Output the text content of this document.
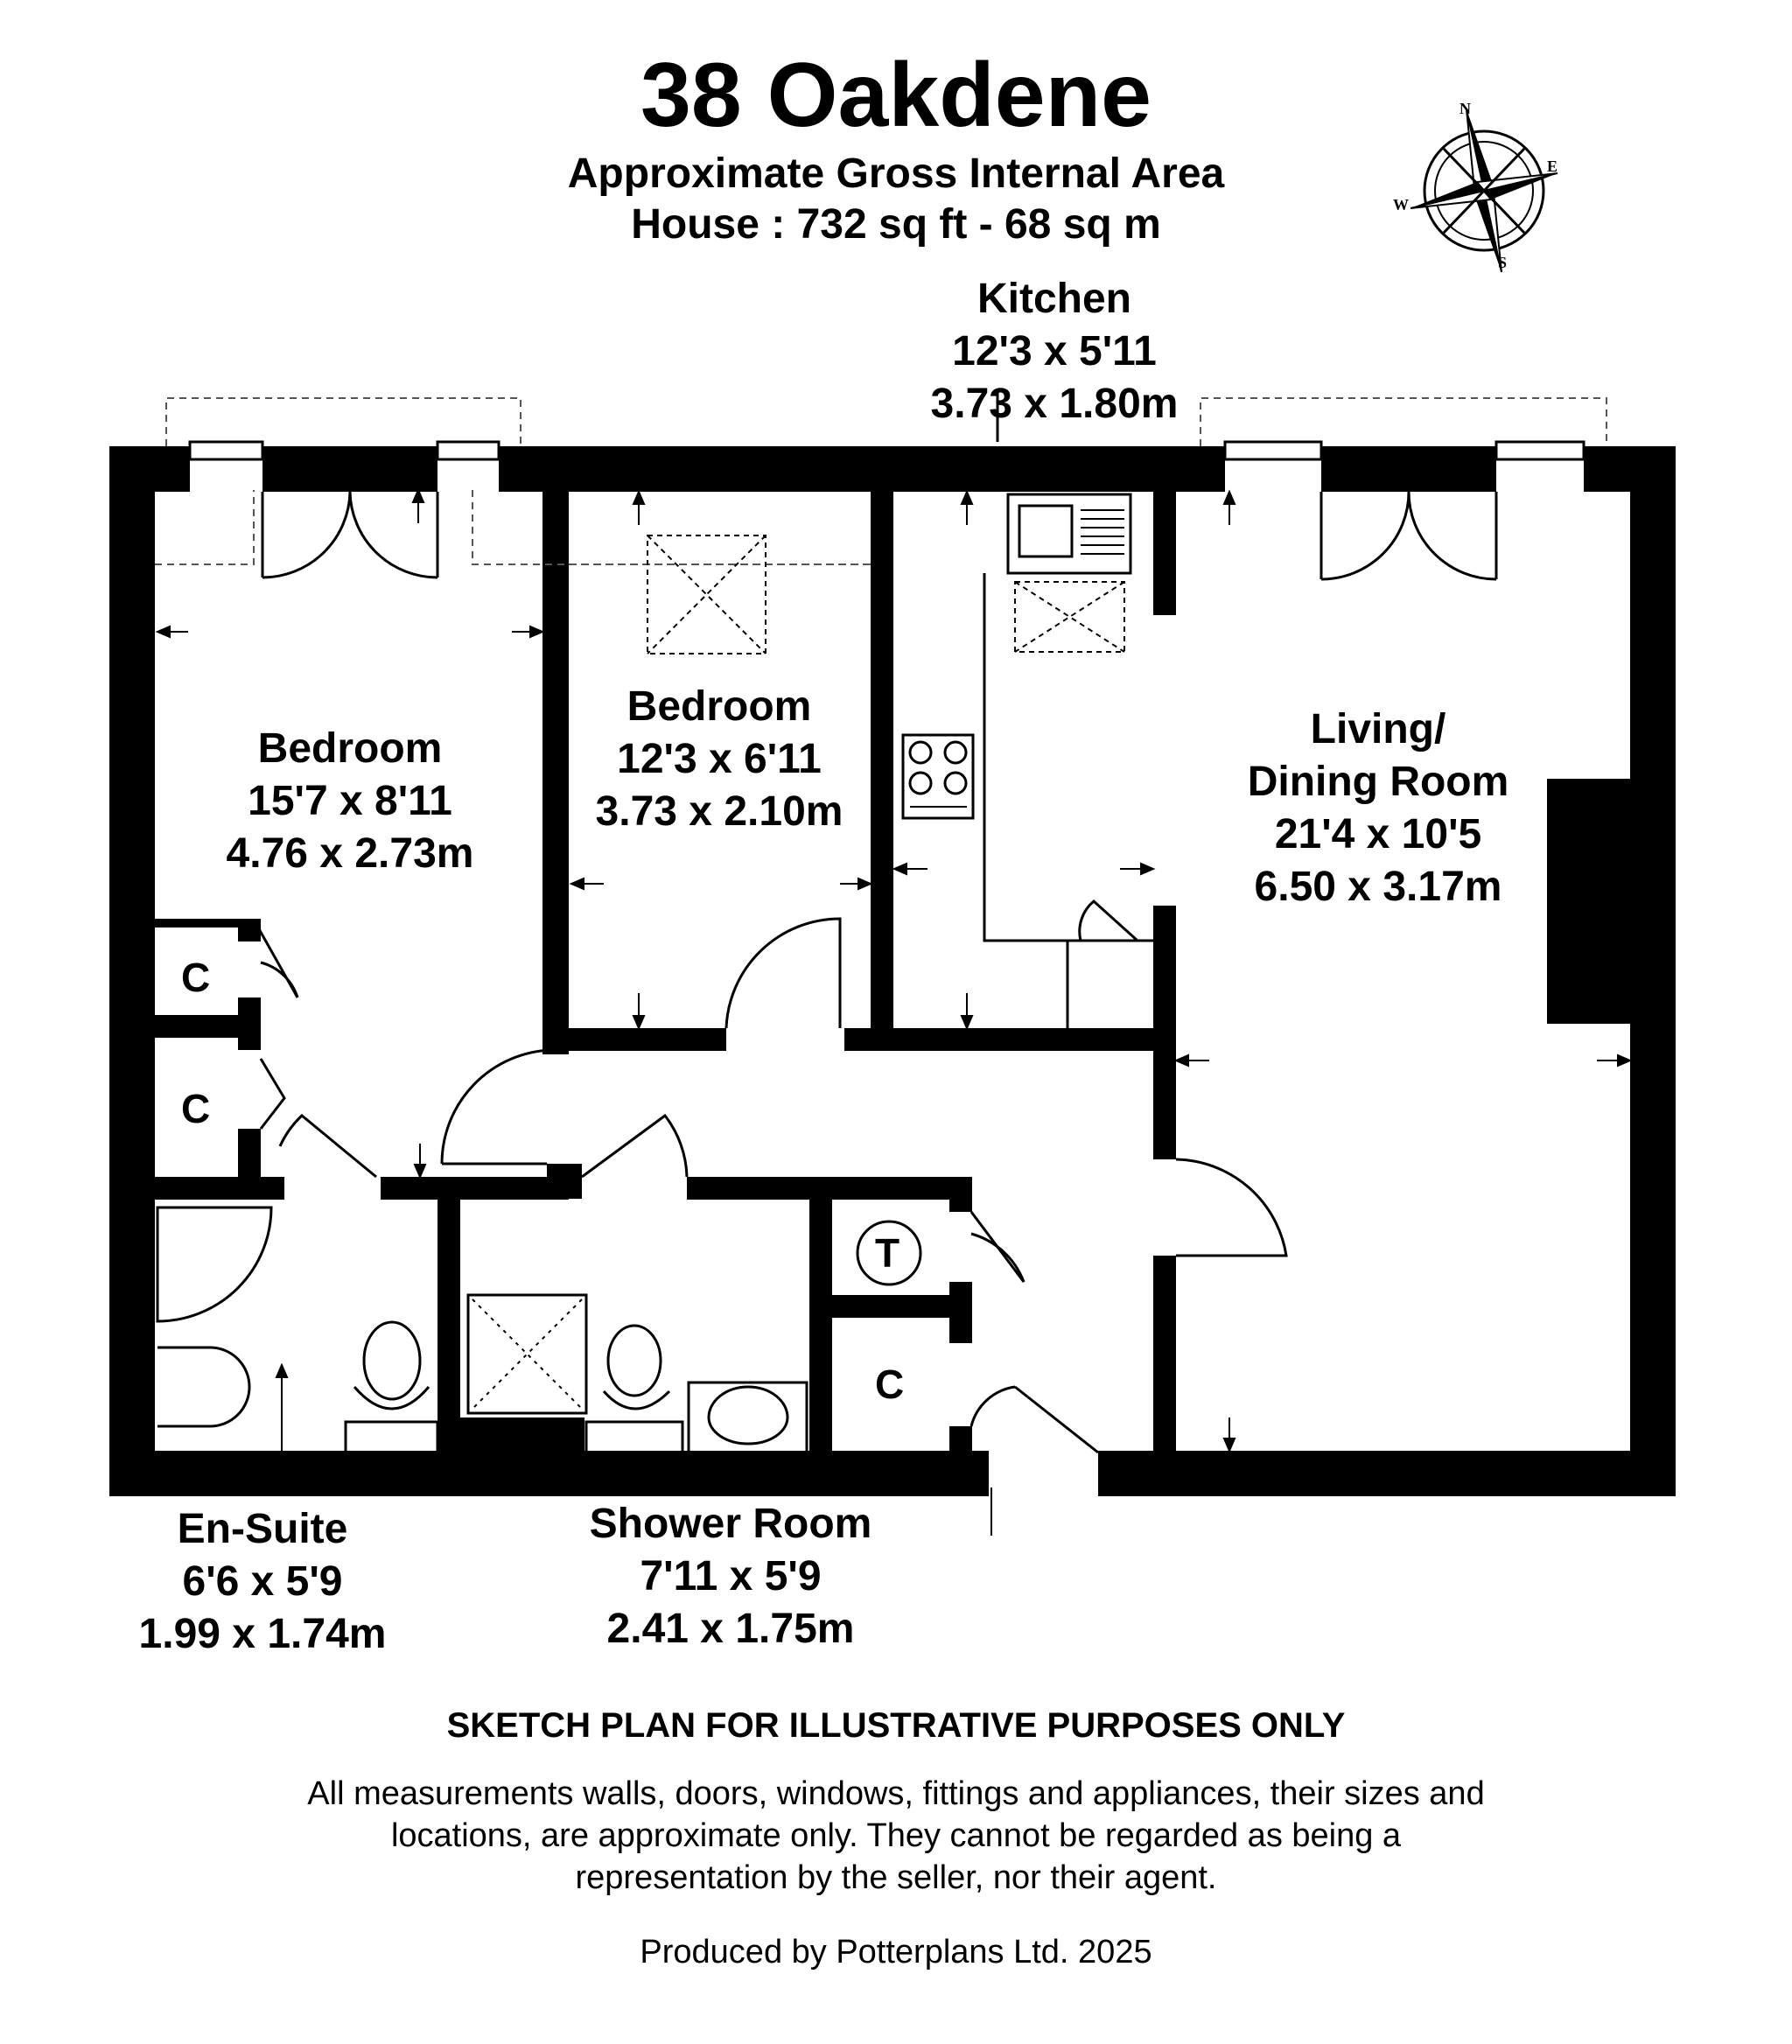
N
E
S
W
38 Oakdene
Approximate Gross Internal Area
House : 732 sq ft - 68 sq m
Kitchen
12'3 x 5'11
3.73 x 1.80m
Bedroom
15'7 x 8'11
4.76 x 2.73m
Bedroom
12'3 x 6'11
3.73 x 2.10m
Living/
Dining Room
21'4 x 10'5
6.50 x 3.17m
En-Suite
6'6 x 5'9
1.99 x 1.74m
Shower Room
7'11 x 5'9
2.41 x 1.75m
C
C
C
T
SKETCH PLAN FOR ILLUSTRATIVE PURPOSES ONLY
All measurements walls, doors, windows, fittings and appliances, their sizes and locations, are approximate only. They cannot be regarded as being a representation by the seller, nor their agent.
Produced by Potterplans Ltd. 2025
